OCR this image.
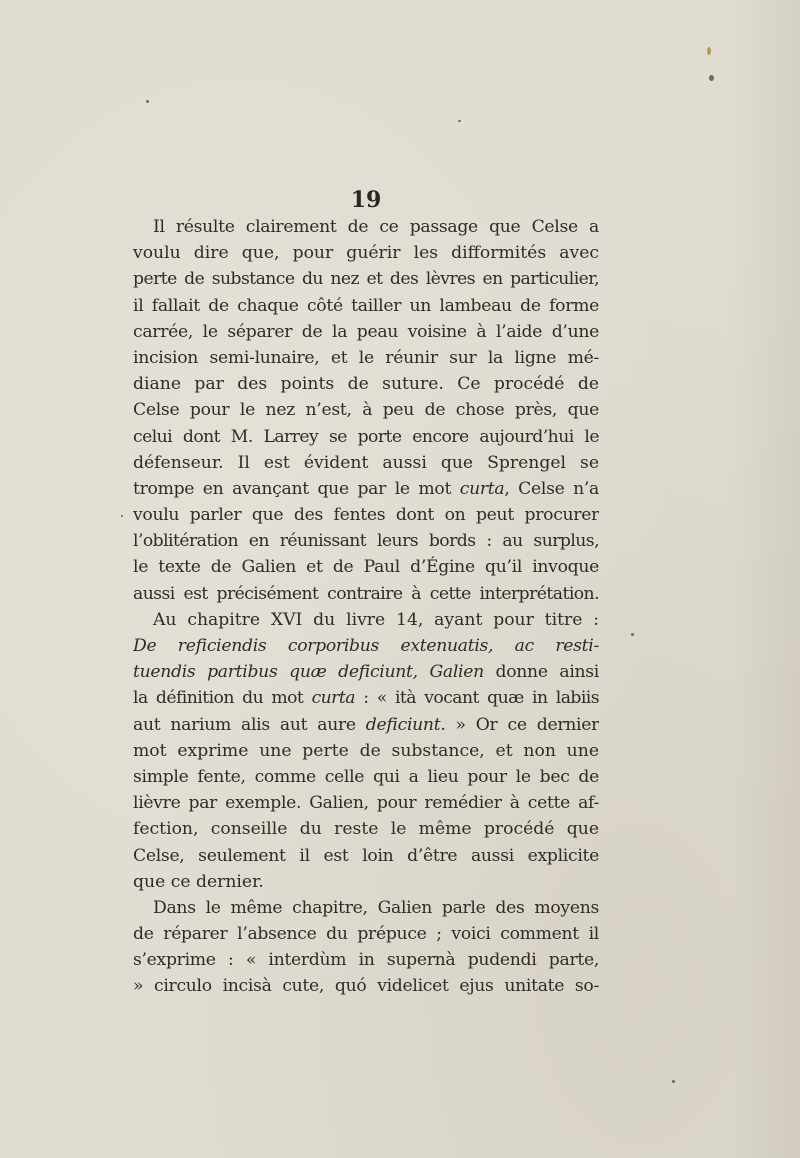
19
Il résulte clairement de ce passage que Celse a
voulu dire que, pour guérir les difformités avec
perte de substance du nez et des lèvres en particulier,
il fallait de chaque côté tailler un lambeau de forme
carrée, le séparer de la peau voisine à l’aide d’une
incision semi-lunaire, et le réunir sur la ligne mé-
diane par des points de suture. Ce procédé de
Celse pour le nez n’est, à peu de chose près, que
celui dont M. Larrey se porte encore aujourd’hui le
défenseur. Il est évident aussi que Sprengel se
trompe en avançant que par le mot curta, Celse n’a
voulu parler que des fentes dont on peut procurer
l’oblitération en réunissant leurs bords : au surplus,
le texte de Galien et de Paul d’Égine qu’il invoque
aussi est précisément contraire à cette interprétation.
Au chapitre XVI du livre 14, ayant pour titre :
De reficiendis corporibus extenuatis, ac resti-
tuendis partibus quæ deficiunt, Galien donne ainsi
la définition du mot curta : « ità vocant quæ in labiis
aut narium alis aut aure deficiunt. » Or ce dernier
mot exprime une perte de substance, et non une
simple fente, comme celle qui a lieu pour le bec de
lièvre par exemple. Galien, pour remédier à cette af-
fection, conseille du reste le même procédé que
Celse, seulement il est loin d’être aussi explicite
que ce dernier.
Dans le même chapitre, Galien parle des moyens
de réparer l’absence du prépuce ; voici comment il
s’exprime : « interdùm in supernà pudendi parte,
» circulo incisà cute, quó videlicet ejus unitate so-
